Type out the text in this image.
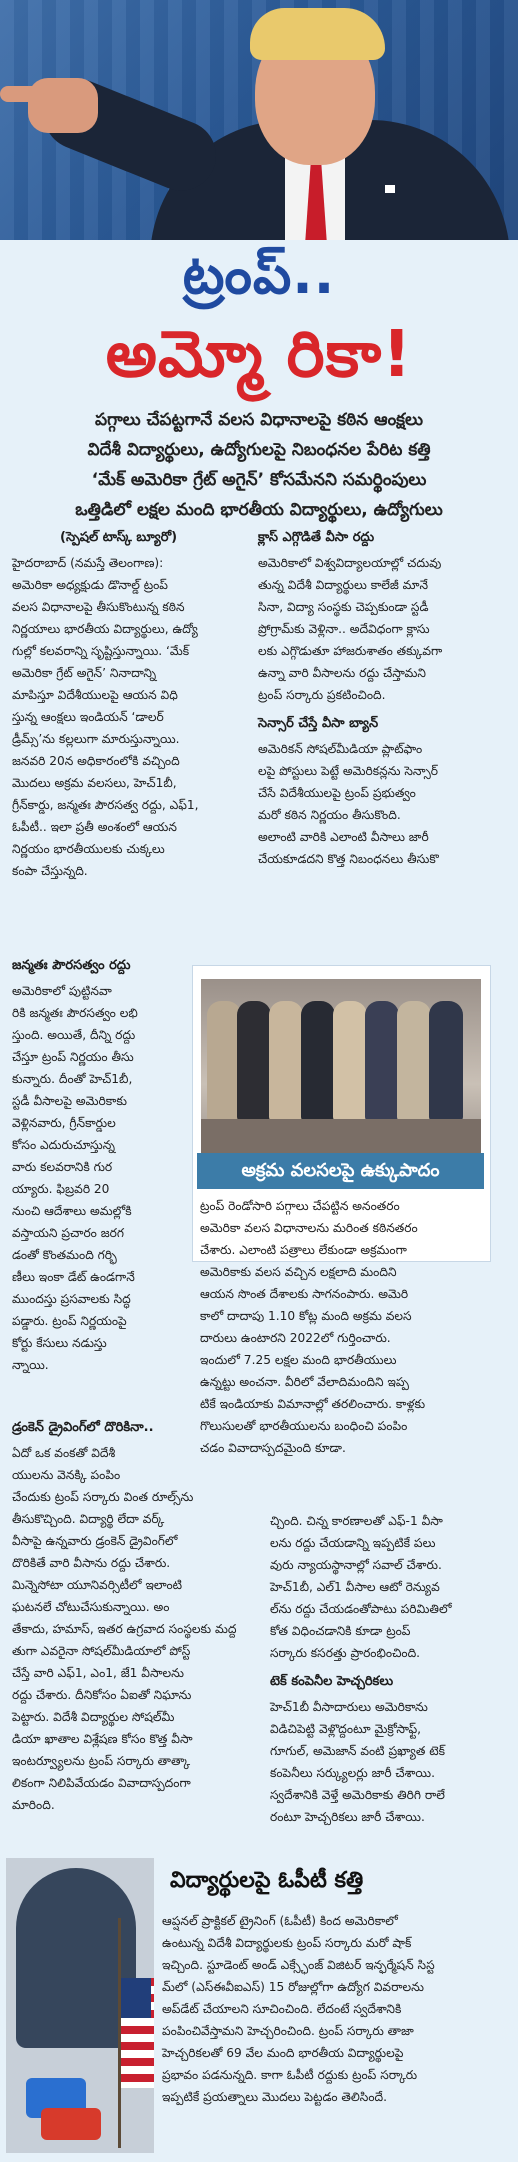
ట్రంప్..
అమ్మో రికా!
పగ్గాలు చేపట్టగానే వలస విధానాలపై కఠిన ఆంక్షలు
విదేశీ విద్యార్థులు, ఉద్యోగులపై నిబంధనల పేరిట కత్తి
‘మేక్ అమెరికా గ్రేట్ అగైన్’ కోసమేనని సమర్థింపులు
ఒత్తిడిలో లక్షల మంది భారతీయ విద్యార్థులు, ఉద్యోగులు
(స్పెషల్ టాస్క్ బ్యూరో)
హైదరాబాద్ (నమస్తే తెలంగాణ):
అమెరికా అధ్యక్షుడు డొనాల్డ్ ట్రంప్
వలస విధానాలపై తీసుకొంటున్న కఠిన
నిర్ణయాలు భారతీయ విద్యార్థులు, ఉద్యో
గుల్లో కలవరాన్ని సృష్టిస్తున్నాయి. ‘మేక్
అమెరికా గ్రేట్ అగైన్’ నినాదాన్ని
మాపిస్తూ విదేశీయులపై ఆయన విధి
స్తున్న ఆంక్షలు ఇండియన్ ‘డాలర్
డ్రీమ్స్’ను కల్లలుగా మారుస్తున్నాయి.
జనవరి 20న అధికారంలోకి వచ్చింది
మొదలు అక్రమ వలసలు, హెచ్1బీ,
గ్రీన్‌కార్డు, జన్మతః పౌరసత్వ రద్దు, ఎఫ్1,
ఓపీటీ.. ఇలా ప్రతీ అంశంలో ఆయన
నిర్ణయం భారతీయులకు చుక్కలు
కంపా చేస్తున్నది.
క్లాస్ ఎగ్గొడితే వీసా రద్దు
అమెరికాలో విశ్వవిద్యాలయాల్లో చదువు
తున్న విదేశీ విద్యార్థులు కాలేజీ మానే
సినా, విద్యా సంస్థకు చెప్పకుండా స్టడీ
ప్రోగ్రామ్‌కు వెళ్లినా.. అదేవిధంగా క్లాసు
లకు ఎగ్గొడుతూ హాజరుశాతం తక్కువగా
ఉన్నా వారి వీసాలను రద్దు చేస్తామని
ట్రంప్ సర్కారు ప్రకటించింది.
సెన్సార్ చేస్తే వీసా బ్యాన్
అమెరికన్ సోషల్‌మీడియా ప్లాట్‌ఫాం
లపై పోస్టులు పెట్టే అమెరికన్లను సెన్సార్
చేసే విదేశీయులపై ట్రంప్ ప్రభుత్వం
మరో కఠిన నిర్ణయం తీసుకొంది.
అలాంటి వారికి ఎలాంటి వీసాలు జారీ
చేయకూడదని కొత్త నిబంధనలు తీసుకొ
జన్మతః పౌరసత్వం రద్దు
అమెరికాలో పుట్టినవా
రికి జన్మతః పౌరసత్వం లభి
స్తుంది. అయితే, దీన్ని రద్దు
చేస్తూ ట్రంప్ నిర్ణయం తీసు
కున్నారు. దీంతో హెచ్1బీ,
స్టడీ వీసాలపై అమెరికాకు
వెళ్లినవారు, గ్రీన్‌కార్డుల
కోసం ఎదురుచూస్తున్న
వారు కలవరానికి గుర
య్యారు. ఫిబ్రవరి 20
నుంచి ఆదేశాలు అమల్లోకి
వస్తాయని ప్రచారం జరగ
డంతో కొంతమంది గర్భి
ణీలు ఇంకా డేట్ ఉండగానే
ముందస్తు ప్రసవాలకు సిద్ధ
పడ్డారు. ట్రంప్ నిర్ణయంపై
కోర్టు కేసులు నడుస్తు
న్నాయి.
అక్రమ వలసలపై ఉక్కుపాదం
ట్రంప్ రెండోసారి పగ్గాలు చేపట్టిన అనంతరం
అమెరికా వలస విధానాలను మరింత కఠినతరం
చేశారు. ఎలాంటి పత్రాలు లేకుండా అక్రమంగా
అమెరికాకు వలస వచ్చిన లక్షలాది మందిని
ఆయన సొంత దేశాలకు సాగనంపారు. అమెరి
కాలో దాదాపు 1.10 కోట్ల మంది అక్రమ వలస
దారులు ఉంటారని 2022లో గుర్తించారు.
ఇందులో 7.25 లక్షల మంది భారతీయులు
ఉన్నట్టు అంచనా. వీరిలో వేలాదిమందిని ఇప్ప
టికే ఇండియాకు విమానాల్లో తరలించారు. కాళ్లకు
గొలుసులతో భారతీయులను బంధించి పంపిం
చడం వివాదాస్పదమైంది కూడా.
డ్రంకెన్ డ్రైవింగ్‌లో దొరికినా..
ఏదో ఒక వంకతో విదేశీ
యులను వెనక్కి పంపిం
చేందుకు ట్రంప్ సర్కారు వింత రూల్స్‌ను
తీసుకొచ్చింది. విద్యార్థి లేదా వర్క్
వీసాపై ఉన్నవారు డ్రంకెన్ డ్రైవింగ్‌లో
దొరికితే వారి వీసాను రద్దు చేశారు.
మిన్నెసోటా యూనివర్సిటీలో ఇలాంటి
ఘటనలే చోటుచేసుకున్నాయి. అం
తేకాదు, హమాస్, ఇతర ఉగ్రవాద సంస్థలకు మద్ద
తుగా ఎవరైనా సోషల్‌మీడియాలో పోస్ట్
చేస్తే వారి ఎఫ్1, ఎం1, జే1 వీసాలను
రద్దు చేశారు. దీనికోసం ఏఐతో నిఘాను
పెట్టారు. విదేశీ విద్యార్థుల సోషల్‌మీ
డియా ఖాతాల విశ్లేషణ కోసం కొత్త వీసా
ఇంటర్వ్యూలను ట్రంప్ సర్కారు తాత్కా
లికంగా నిలిపివేయడం వివాదాస్పదంగా
మారింది.
చ్చింది. చిన్న కారణాలతో ఎఫ్-1 వీసా
లను రద్దు చేయడాన్ని ఇప్పటికే పలు
వురు న్యాయస్థానాల్లో సవాల్ చేశారు.
హెచ్1బీ, ఎల్1 వీసాల ఆటో రెన్యువ
ల్‌ను రద్దు చేయడంతోపాటు పరిమితిలో
కోత విధించడానికి కూడా ట్రంప్
సర్కారు కసరత్తు ప్రారంభించింది.
టెక్ కంపెనీల హెచ్చరికలు
హెచ్1బీ వీసాదారులు అమెరికాను
విడిచిపెట్టి వెళ్లొద్దంటూ మైక్రోసాఫ్ట్,
గూగుల్, అమెజాన్ వంటి ప్రఖ్యాత టెక్
కంపెనీలు సర్క్యులర్లు జారీ చేశాయి.
స్వదేశానికి వెళ్తే అమెరికాకు తిరిగి రాలే
రంటూ హెచ్చరికలు జారీ చేశాయి.
విద్యార్థులపై ఓపీటీ కత్తి
ఆప్షనల్ ప్రాక్టికల్ ట్రైనింగ్ (ఓపీటీ) కింద అమెరికాలో
ఉంటున్న విదేశీ విద్యార్థులకు ట్రంప్ సర్కారు మరో షాక్
ఇచ్చింది. స్టూడెంట్ అండ్ ఎక్స్ఛేంజ్ విజిటర్ ఇన్ఫర్మేషన్ సిస్ట
మ్‌లో (ఎస్‌ఈవీఐఎస్) 15 రోజుల్లోగా ఉద్యోగ వివరాలను
అప్‌డేట్ చేయాలని సూచించింది. లేదంటే స్వదేశానికి
పంపించివేస్తామని హెచ్చరించింది. ట్రంప్ సర్కారు తాజా
హెచ్చరికలతో 69 వేల మంది భారతీయ విద్యార్థులపై
ప్రభావం పడనున్నది. కాగా ఓపీటీ రద్దుకు ట్రంప్ సర్కారు
ఇప్పటికే ప్రయత్నాలు మొదలు పెట్టడం తెలిసిందే.
